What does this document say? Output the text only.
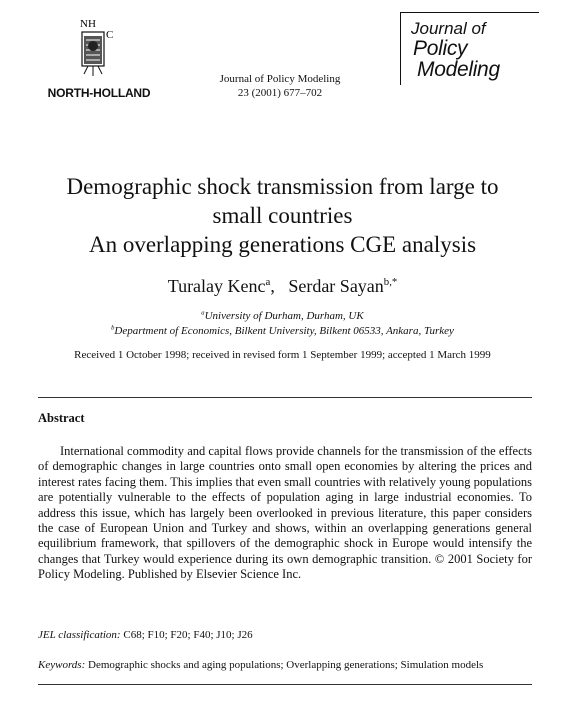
NH
C
NORTH-HOLLAND
Journal of Policy Modeling
23 (2001) 677–702
Journal of
Policy
Modeling
Demographic shock transmission from large to
small countries
An overlapping generations CGE analysis
Turalay Kenc$^a$,   Serdar Sayan$^{b,*}$
$^a$University of Durham, Durham, UK
$^b$Department of Economics, Bilkent University, Bilkent 06533, Ankara, Turkey
Received 1 October 1998; received in revised form 1 September 1999; accepted 1 March 1999
Abstract
International commodity and capital flows provide channels for the transmission of the effects of demographic changes in large countries onto small open economies by altering the prices and interest rates facing them. This implies that even small countries with relatively young populations are potentially vulnerable to the effects of population aging in large industrial economies. To address this issue, which has largely been overlooked in previous literature, this paper considers the case of European Union and Turkey and shows, within an overlapping generations general equilibrium framework, that spillovers of the demographic shock in Europe would intensify the changes that Turkey would experience during its own demographic transition. © 2001 Society for Policy Modeling. Published by Elsevier Science Inc.
JEL classification: C68; F10; F20; F40; J10; J26
Keywords: Demographic shocks and aging populations; Overlapping generations; Simulation models
